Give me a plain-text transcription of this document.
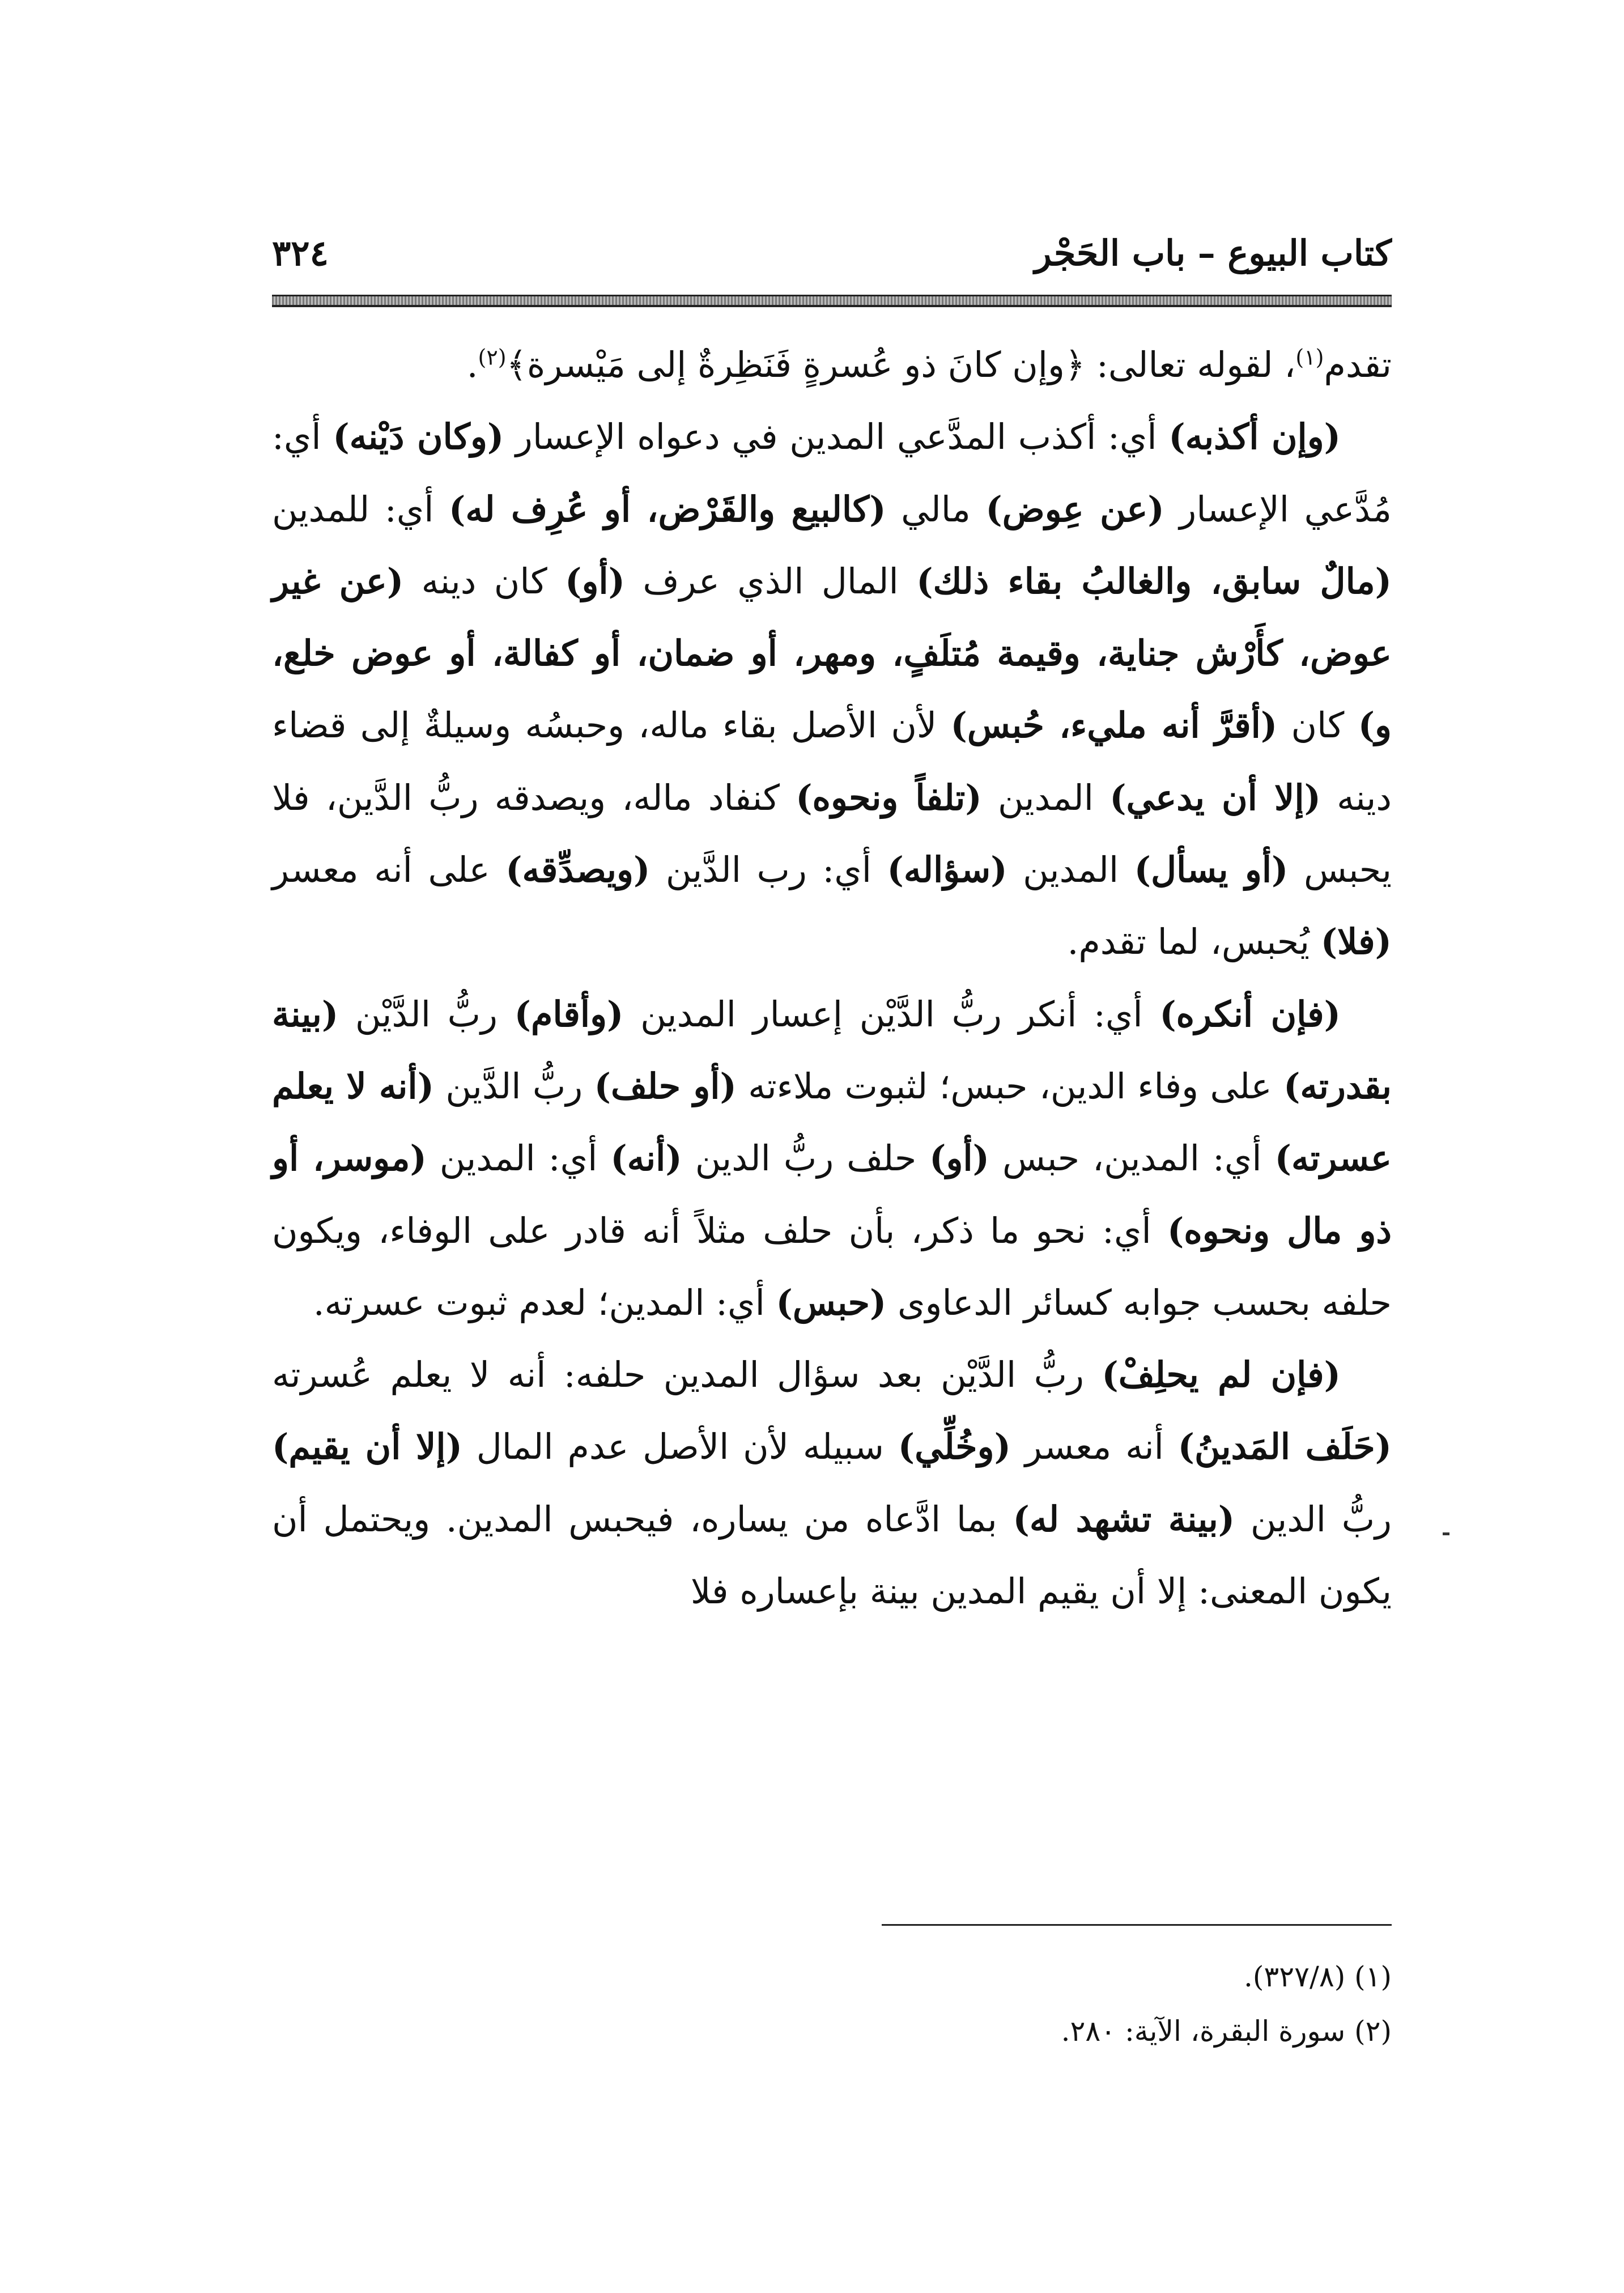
٣٢٤	كتاب البيوع – باب الحَجْر

تقدم$^{(١)}$، لقوله تعالى: ﴿وإن كانَ ذو عُسرةٍ فَنَظِرةٌ إلى مَيْسرة﴾$^{(٢)}$.

(وإن أكذبه) أي: أكذب المدَّعي المدين في دعواه الإعسار (وكان دَيْنه) أي: مُدَّعي الإعسار (عن عِوض) مالي (كالبيع والقَرْض، أو عُرِف له) أي: للمدين (مالٌ سابق، والغالبُ بقاء ذلك) المال الذي عرف (أو) كان دينه (عن غير عوض، كأَرْش جناية، وقيمة مُتلَفٍ، ومهر، أو ضمان، أو كفالة، أو عوض خلع، و) كان (أقرَّ أنه مليء، حُبس) لأن الأصل بقاء ماله، وحبسُه وسيلةٌ إلى قضاء دينه (إلا أن يدعي) المدين (تلفاً ونحوه) كنفاد ماله، ويصدقه ربُّ الدَّين، فلا يحبس (أو يسأل) المدين (سؤاله) أي: رب الدَّين (ويصدِّقه) على أنه معسر (فلا) يُحبس، لما تقدم.

(فإن أنكره) أي: أنكر ربُّ الدَّيْن إعسار المدين (وأقام) ربُّ الدَّيْن (بينة بقدرته) على وفاء الدين، حبس؛ لثبوت ملاءته (أو حلف) ربُّ الدَّين (أنه لا يعلم عسرته) أي: المدين، حبس (أو) حلف ربُّ الدين (أنه) أي: المدين (موسر، أو ذو مال ونحوه) أي: نحو ما ذكر، بأن حلف مثلاً أنه قادر على الوفاء، ويكون حلفه بحسب جوابه كسائر الدعاوى (حبس) أي: المدين؛ لعدم ثبوت عسرته.

(فإن لم يحلِفْ) ربُّ الدَّيْن بعد سؤال المدين حلفه: أنه لا يعلم عُسرته (حَلَف المَدينُ) أنه معسر (وخُلِّي) سبيله لأن الأصل عدم المال (إلا أن يقيم) ربُّ الدين (بينة تشهد له) بما ادَّعاه من يساره، فيحبس المدين. ويحتمل أن يكون المعنى: إلا أن يقيم المدين بينة بإعساره فلا

(١) (٣٢٧/٨).

(٢) سورة البقرة، الآية: ٢٨٠.
